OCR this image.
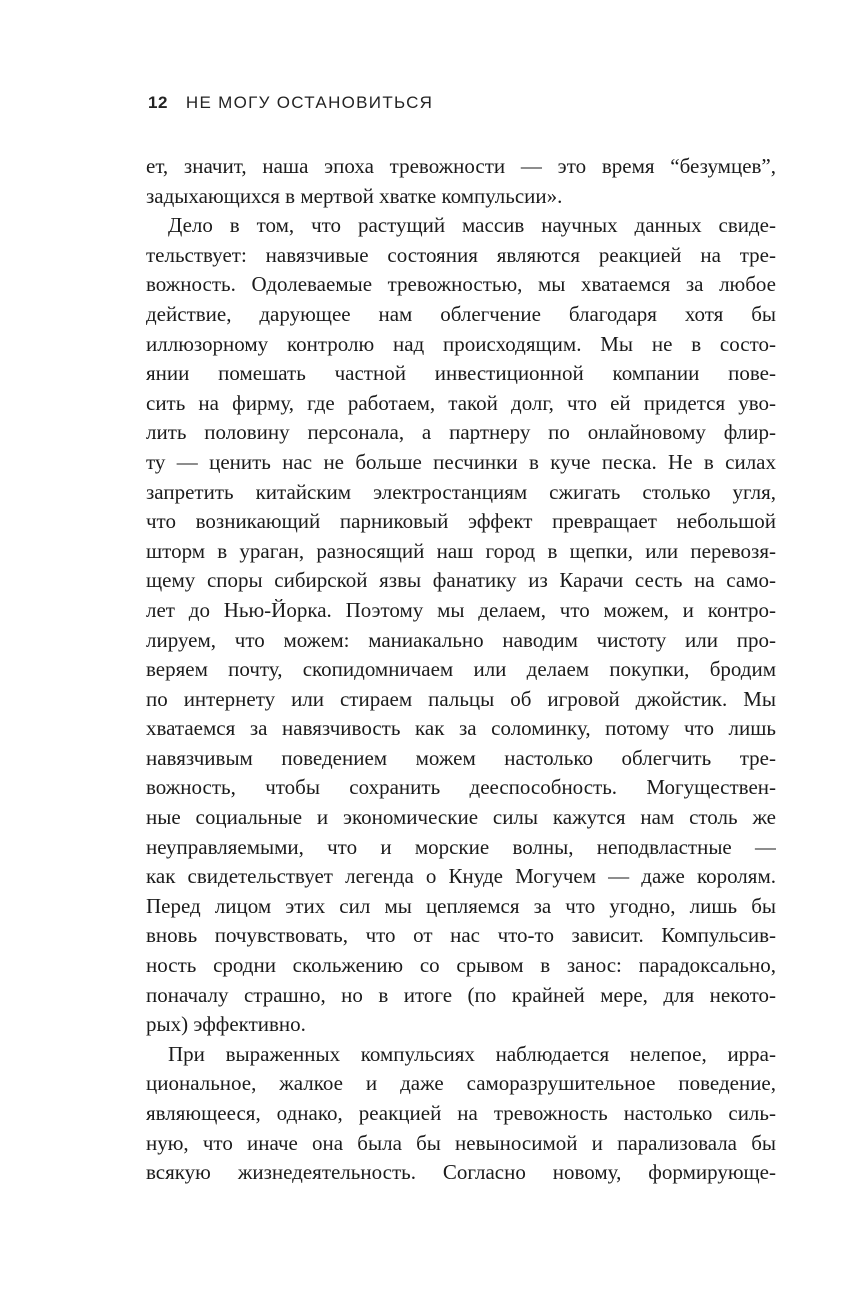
12 НЕ МОГУ ОСТАНОВИТЬСЯ
ет, значит, наша эпоха тревожности — это время “безумцев”,
задыхающихся в мертвой хватке компульсии».
Дело в том, что растущий массив научных данных свиде-
тельствует: навязчивые состояния являются реакцией на тре-
вожность. Одолеваемые тревожностью, мы хватаемся за любое
действие, дарующее нам облегчение благодаря хотя бы
иллюзорному контролю над происходящим. Мы не в состо-
янии помешать частной инвестиционной компании пове-
сить на фирму, где работаем, такой долг, что ей придется уво-
лить половину персонала, а партнеру по онлайновому флир-
ту — ценить нас не больше песчинки в куче песка. Не в силах
запретить китайским электростанциям сжигать столько угля,
что возникающий парниковый эффект превращает небольшой
шторм в ураган, разносящий наш город в щепки, или перевозя-
щему споры сибирской язвы фанатику из Карачи сесть на само-
лет до Нью-Йорка. Поэтому мы делаем, что можем, и контро-
лируем, что можем: маниакально наводим чистоту или про-
веряем почту, скопидомничаем или делаем покупки, бродим
по интернету или стираем пальцы об игровой джойстик. Мы
хватаемся за навязчивость как за соломинку, потому что лишь
навязчивым поведением можем настолько облегчить тре-
вожность, чтобы сохранить дееспособность. Могуществен-
ные социальные и экономические силы кажутся нам столь же
неуправляемыми, что и морские волны, неподвластные —
как свидетельствует легенда о Кнуде Могучем — даже королям.
Перед лицом этих сил мы цепляемся за что угодно, лишь бы
вновь почувствовать, что от нас что-то зависит. Компульсив-
ность сродни скольжению со срывом в занос: парадоксально,
поначалу страшно, но в итоге (по крайней мере, для некото-
рых) эффективно.
При выраженных компульсиях наблюдается нелепое, ирра-
циональное, жалкое и даже саморазрушительное поведение,
являющееся, однако, реакцией на тревожность настолько силь-
ную, что иначе она была бы невыносимой и парализовала бы
всякую жизнедеятельность. Согласно новому, формирующе-
